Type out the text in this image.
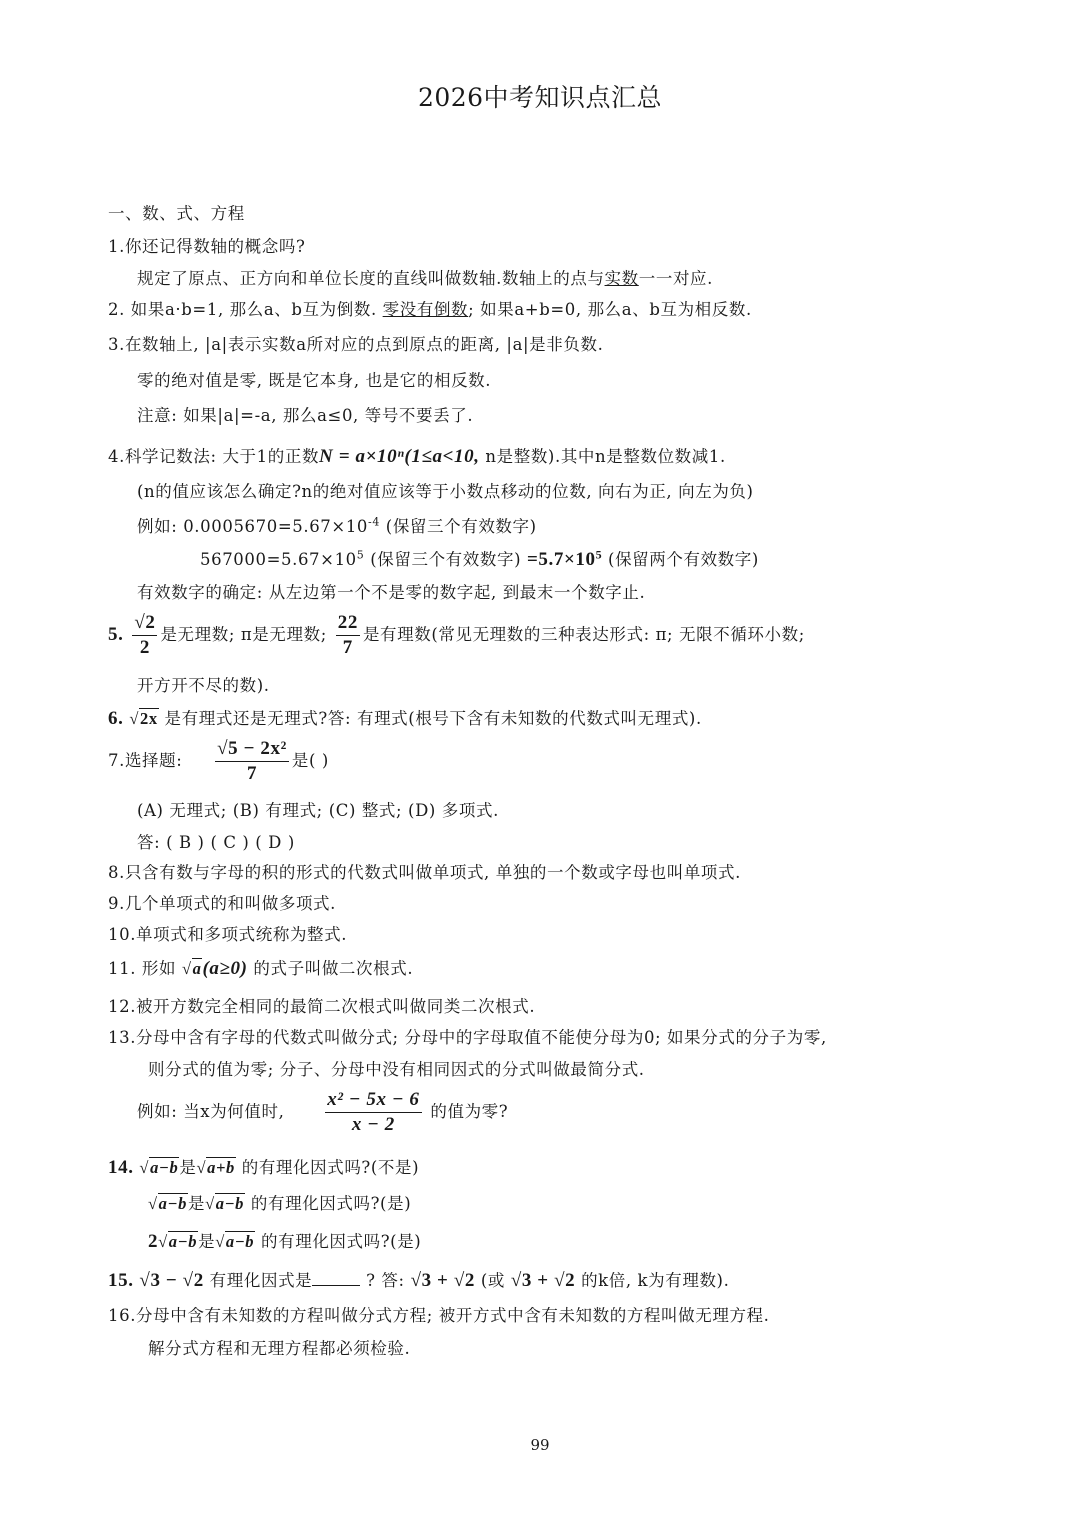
2026中考知识点汇总
一、数、式、方程
1.你还记得数轴的概念吗?
规定了原点、正方向和单位长度的直线叫做数轴.数轴上的点与实数一一对应.
2. 如果a·b=1, 那么a、b互为倒数. 零没有倒数; 如果a+b=0, 那么a、b互为相反数.
3.在数轴上, |a|表示实数a所对应的点到原点的距离, |a|是非负数.
零的绝对值是零, 既是它本身, 也是它的相反数.
注意: 如果|a|=-a, 那么a≤0, 等号不要丢了.
4.科学记数法: 大于1的正数N = a×10ⁿ(1≤a<10, n是整数).其中n是整数位数减1.
(n的值应该怎么确定?n的绝对值应该等于小数点移动的位数, 向右为正, 向左为负)
例如: $0.0005670=5.67\times 10^{-4}$ (保留三个有效数字)
$567000=5.67\times 10^5$ (保留三个有效数字) $=5.7\times 10^5$ (保留两个有效数字)
有效数字的确定: 从左边第一个不是零的数字起, 到最末一个数字止.
5. $\frac{√2}{2}$ 是无理数; π是无理数; $\frac{22}{7}$ 是有理数(常见无理数的三种表达形式: π; 无限不循环小数;
开方开不尽的数).
6. √2x 是有理式还是无理式?答: 有理式(根号下含有未知数的代数式叫无理式).
7.选择题: $\frac{\text{√5 − 2x²}}{7}$ 是( )
(A) 无理式; (B) 有理式; (C) 整式; (D) 多项式.
答: ( B ) ( C ) ( D )
8.只含有数与字母的积的形式的代数式叫做单项式, 单独的一个数或字母也叫单项式.
9.几个单项式的和叫做多项式.
10.单项式和多项式统称为整式.
11. 形如 √a(a≥0) 的式子叫做二次根式.
12.被开方数完全相同的最简二次根式叫做同类二次根式.
13.分母中含有字母的代数式叫做分式; 分母中的字母取值不能使分母为0; 如果分式的分子为零,
则分式的值为零; 分子、分母中没有相同因式的分式叫做最简分式.
例如: 当x为何值时, $\frac{\text{x² − 5x − 6}}{x - 2}$ 的值为零?
14. √a−b是√a+b 的有理化因式吗?(不是)
√a−b是√a−b 的有理化因式吗?(是)
2√a−b是√a−b 的有理化因式吗?(是)
15. √3 − √2 有理化因式是	? 答: √3 + √2 (或 √3 + √2 的k倍, k为有理数).
16.分母中含有未知数的方程叫做分式方程; 被开方式中含有未知数的方程叫做无理方程.
解分式方程和无理方程都必须检验.
99
